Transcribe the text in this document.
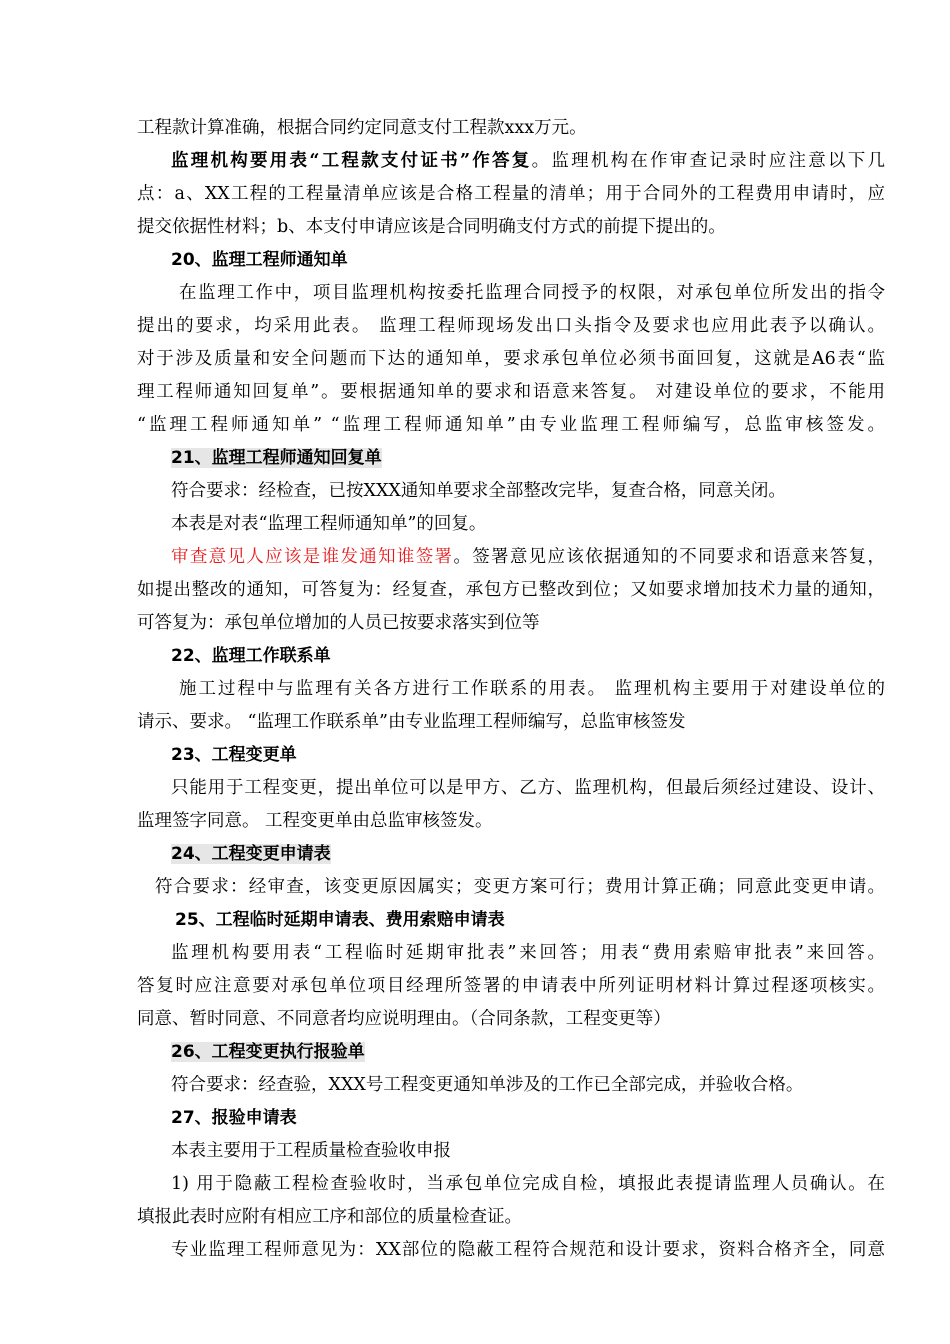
工程款计算准确，根据合同约定同意支付工程款xxx万元。
监理机构要用表“工程款支付证书”作答复。监理机构在作审查记录时应注意以下几
点：a、XX工程的工程量清单应该是合格工程量的清单；用于合同外的工程费用申请时，应
提交依据性材料；b、本支付申请应该是合同明确支付方式的前提下提出的。
20、监理工程师通知单
在监理工作中，项目监理机构按委托监理合同授予的权限，对承包单位所发出的指令
提出的要求，均采用此表。 监理工程师现场发出口头指令及要求也应用此表予以确认。
对于涉及质量和安全问题而下达的通知单，要求承包单位必须书面回复，这就是A6表“监
理工程师通知回复单”。要根据通知单的要求和语意来答复。 对建设单位的要求，不能用
“监理工程师通知单” “监理工程师通知单”由专业监理工程师编写，总监审核签发。
21、监理工程师通知回复单
符合要求：经检查，已按XXX通知单要求全部整改完毕，复查合格，同意关闭。
本表是对表“监理工程师通知单”的回复。
审查意见人应该是谁发通知谁签署。签署意见应该依据通知的不同要求和语意来答复，
如提出整改的通知，可答复为：经复查，承包方已整改到位；又如要求增加技术力量的通知，
可答复为：承包单位增加的人员已按要求落实到位等
22、监理工作联系单
施工过程中与监理有关各方进行工作联系的用表。 监理机构主要用于对建设单位的
请示、要求。 “监理工作联系单”由专业监理工程师编写，总监审核签发
23、工程变更单
只能用于工程变更，提出单位可以是甲方、乙方、监理机构，但最后须经过建设、设计、
监理签字同意。 工程变更单由总监审核签发。
24、工程变更申请表
符合要求：经审查，该变更原因属实；变更方案可行；费用计算正确；同意此变更申请。
25、工程临时延期申请表、费用索赔申请表
监理机构要用表“工程临时延期审批表”来回答；用表“费用索赔审批表”来回答。
答复时应注意要对承包单位项目经理所签署的申请表中所列证明材料计算过程逐项核实。
同意、暂时同意、不同意者均应说明理由。（合同条款，工程变更等）
26、工程变更执行报验单
符合要求：经查验，XXX号工程变更通知单涉及的工作已全部完成，并验收合格。
27、报验申请表
本表主要用于工程质量检查验收申报
1) 用于隐蔽工程检查验收时，当承包单位完成自检，填报此表提请监理人员确认。在
填报此表时应附有相应工序和部位的质量检查证。
专业监理工程师意见为：XX部位的隐蔽工程符合规范和设计要求，资料合格齐全，同意
